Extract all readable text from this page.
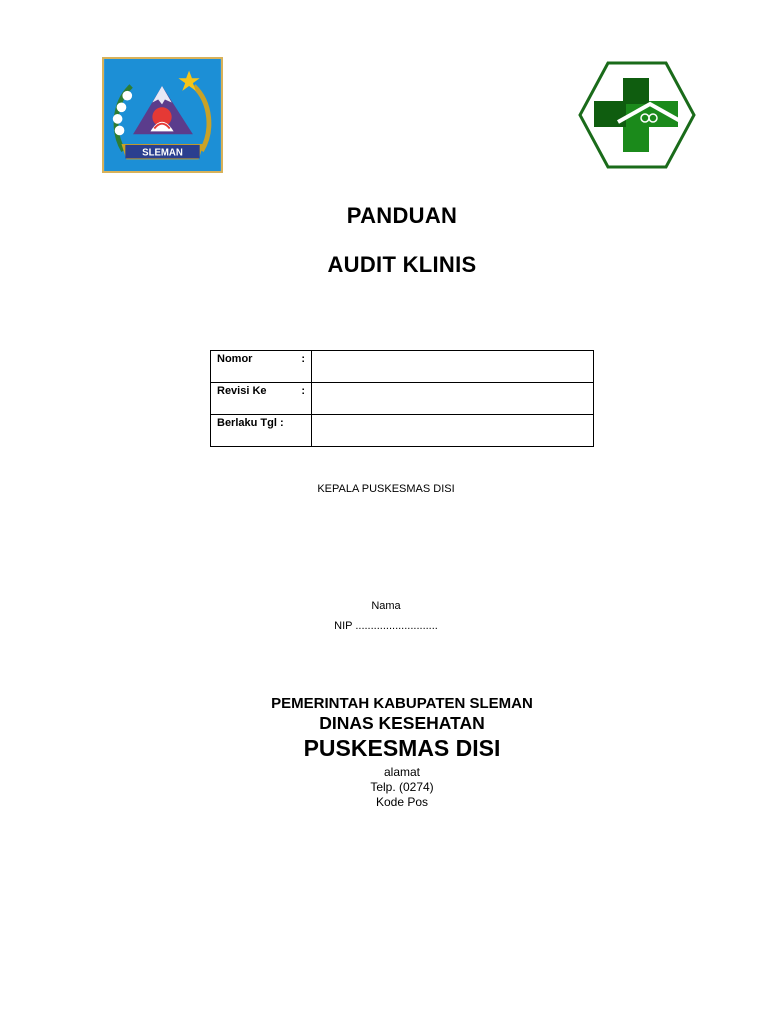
SLEMAN
PANDUAN
AUDIT KLINIS
Nomor :	

Revisi Ke :	

Berlaku Tgl :	

KEPALA PUSKESMAS DISI
Nama
NIP ...........................
PEMERINTAH KABUPATEN SLEMAN
DINAS KESEHATAN
PUSKESMAS DISI
alamat
Telp. (0274)
Kode Pos
